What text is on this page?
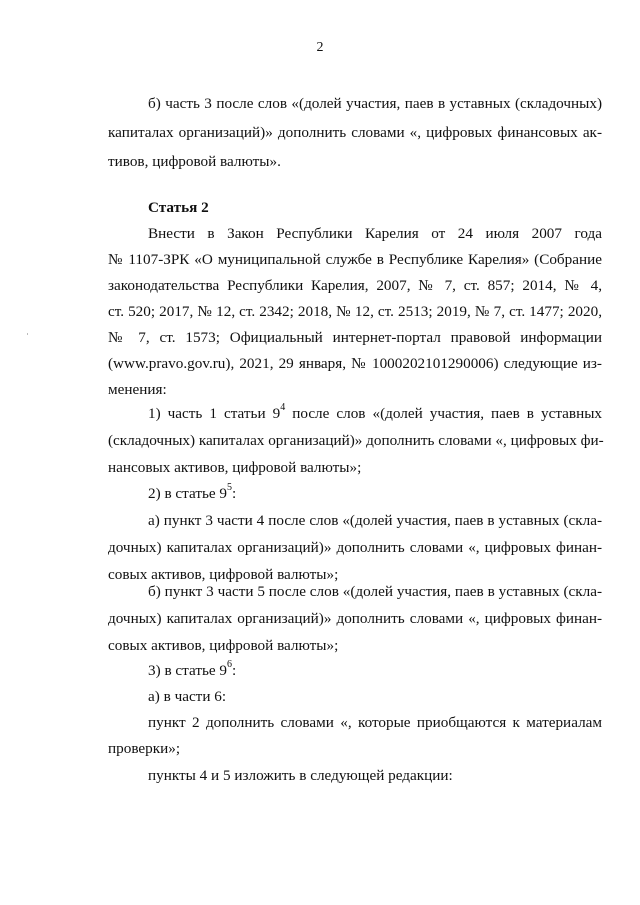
2
б) часть 3 после слов «(долей участия, паев в уставных (складочных)
капиталах организаций)» дополнить словами «, цифровых финансовых ак-
тивов, цифровой валюты».
Статья 2
Внести в Закон Республики Карелия от 24 июля 2007 года
№ 1107-ЗРК «О муниципальной службе в Республике Карелия» (Собрание
законодательства Республики Карелия, 2007, № 7, ст. 857; 2014, № 4,
ст. 520; 2017, № 12, ст. 2342; 2018, № 12, ст. 2513; 2019, № 7, ст. 1477; 2020,
№ 7, ст. 1573; Официальный интернет-портал правовой информации
(www.pravo.gov.ru), 2021, 29 января, № 1000202101290006) следующие из-
менения:
1) часть 1 статьи $9^4$ после слов «(долей участия, паев в уставных
(складочных) капиталах организаций)» дополнить словами «, цифровых фи-
нансовых активов, цифровой валюты»;
2) в статье $9^5$:
а) пункт 3 части 4 после слов «(долей участия, паев в уставных (скла-
дочных) капиталах организаций)» дополнить словами «, цифровых финан-
совых активов, цифровой валюты»;
б) пункт 3 части 5 после слов «(долей участия, паев в уставных (скла-
дочных) капиталах организаций)» дополнить словами «, цифровых финан-
совых активов, цифровой валюты»;
3) в статье $9^6$:
а) в части 6:
пункт 2 дополнить словами «, которые приобщаются к материалам
проверки»;
пункты 4 и 5 изложить в следующей редакции:
